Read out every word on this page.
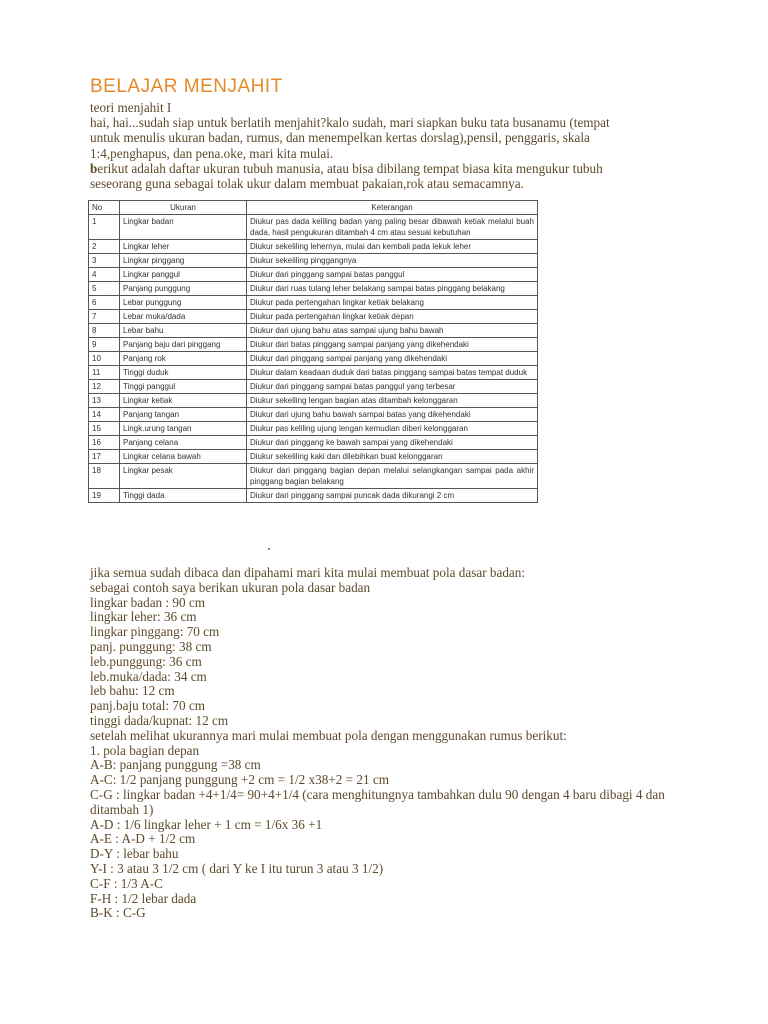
BELAJAR MENJAHIT
teori menjahit I
hai, hai...sudah siap untuk berlatih menjahit?kalo sudah, mari siapkan buku tata busanamu (tempat
untuk menulis ukuran badan, rumus, dan menempelkan kertas dorslag),pensil, penggaris, skala
1:4,penghapus, dan pena.oke, mari kita mulai.
berikut adalah daftar ukuran tubuh manusia, atau bisa dibilang tempat biasa kita mengukur tubuh
seseorang guna sebagai tolak ukur dalam membuat pakaian,rok atau semacamnya.
No	Ukuran	Keterangan
1	Lingkar badan	Diukur pas dada keliling badan yang paling besar dibawah ketiak melalui buah dada, hasil pengukuran ditambah 4 cm atau sesuai kebutuhan
2	Lingkar leher	Diukur sekeliling lehernya, mulai dan kembali pada lekuk leher
3	Lingkar pinggang	Diukur sekeliling pinggangnya
4	Lingkar panggul	Diukur dari pinggang sampai batas panggul
5	Panjang punggung	Diukur dari ruas tulang leher belakang sampai batas pinggang belakang
6	Lebar punggung	Diukur pada pertengahan lingkar ketiak belakang
7	Lebar muka/dada	Diukur pada pertengahan lingkar ketiak depan
8	Lebar bahu	Diukur dari ujung bahu atas sampai ujung bahu bawah
9	Panjang baju dari pinggang	Diukur dari batas pinggang sampai panjang yang dikehendaki
10	Panjang rok	Diukur dari pinggang sampai panjang yang dikehendaki
11	Tinggi duduk	Diukur dalam keadaan duduk dari batas pinggang sampai batas tempat duduk
12	Tinggi panggul	Diukur dari pinggang sampai batas panggul yang terbesar
13	Lingkar ketiak	Diukur sekelling lengan bagian atas ditambah kelonggaran
14	Panjang tangan	Diukur dari ujung bahu bawah sampai batas yang dikehendaki
15	Lingk.urung tangan	Diukur pas keliling ujung lengan kemudian diberi kelonggaran
16	Panjang celana	Diukur dari pinggang ke bawah sampai yang dikehendaki
17	Lingkar celana bawah	Diukur sekeliling kaki dan dilebihkan buat kelonggaran
18	Lingkar pesak	Diukur dari pinggang bagian depan melalui selangkangan sampai pada akhir pinggang bagian belakang
19	Tinggi dada	Diukur dari pinggang sampai puncak dada dikurangi 2 cm
jika semua sudah dibaca dan dipahami mari kita mulai membuat pola dasar badan:
sebagai contoh saya berikan ukuran pola dasar badan
lingkar badan : 90 cm
lingkar leher: 36 cm
lingkar pinggang: 70 cm
panj. punggung: 38 cm
leb.punggung: 36 cm
leb.muka/dada: 34 cm
leb bahu: 12 cm
panj.baju total: 70 cm
tinggi dada/kupnat: 12 cm
setelah melihat ukurannya mari mulai membuat pola dengan menggunakan rumus berikut:
1. pola bagian depan
A-B: panjang punggung =38 cm
A-C: 1/2 panjang punggung +2 cm = 1/2 x38+2 = 21 cm
C-G : lingkar badan +4+1/4= 90+4+1/4 (cara menghitungnya tambahkan dulu 90 dengan 4 baru dibagi 4 dan ditambah 1)
A-D : 1/6 lingkar leher + 1 cm = 1/6x 36 +1
A-E : A-D + 1/2 cm
D-Y : lebar bahu
Y-I : 3 atau 3 1/2 cm ( dari Y ke I itu turun 3 atau 3 1/2)
C-F : 1/3 A-C
F-H : 1/2 lebar dada
B-K : C-G
